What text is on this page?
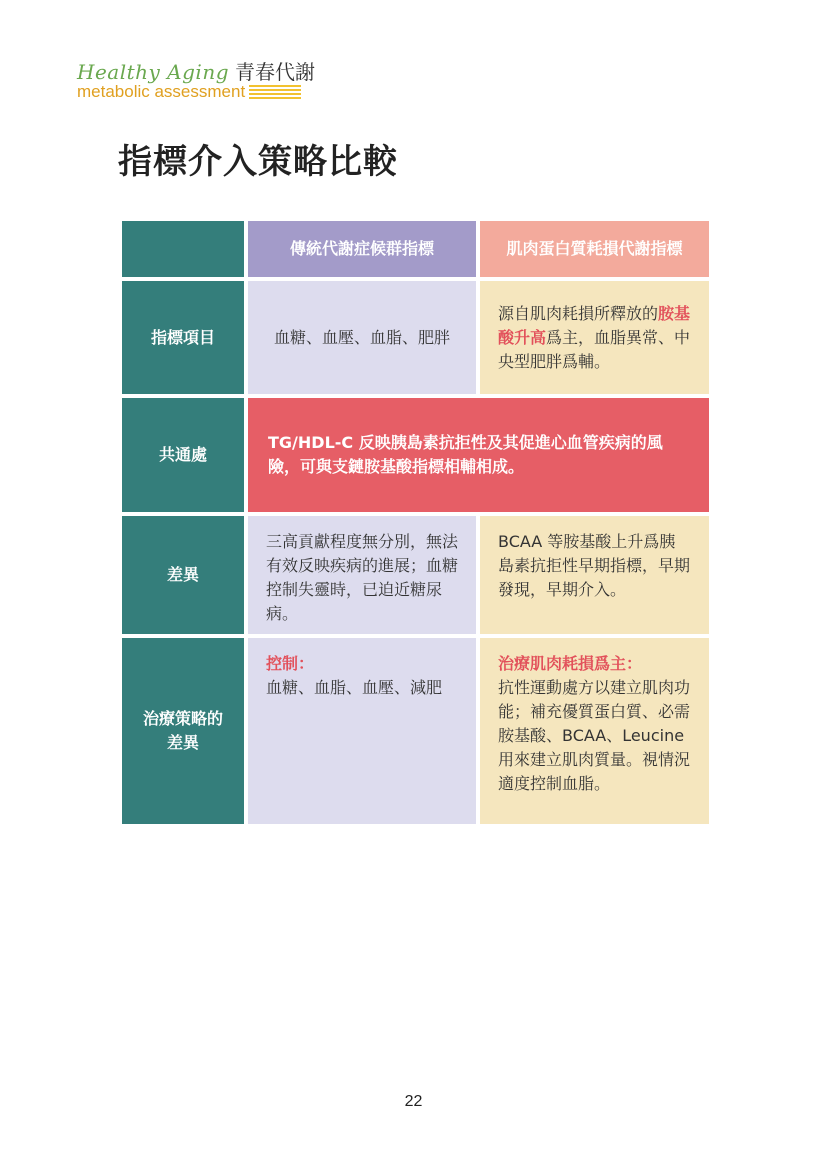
Healthy Aging 青春代謝
metabolic assessment
指標介入策略比較
傳統代謝症候群指標	肌肉蛋白質耗損代謝指標
指標項目	血糖、血壓、血脂、肥胖
源自肌肉耗損所釋放的胺基酸升高爲主，血脂異常、中央型肥胖爲輔。
共通處
TG/HDL-C 反映胰島素抗拒性及其促進心血管疾病的風險，可與支鏈胺基酸指標相輔相成。
差異
三高貢獻程度無分別，無法有效反映疾病的進展；血糖控制失靈時，已迫近糖尿病。
BCAA 等胺基酸上升爲胰島素抗拒性早期指標，早期發現，早期介入。
治療策略的
差異
控制：
血糖、血脂、血壓、減肥
治療肌肉耗損爲主：
抗性運動處方以建立肌肉功能；補充優質蛋白質、必需胺基酸、BCAA、Leucine 用來建立肌肉質量。視情況適度控制血脂。
22
